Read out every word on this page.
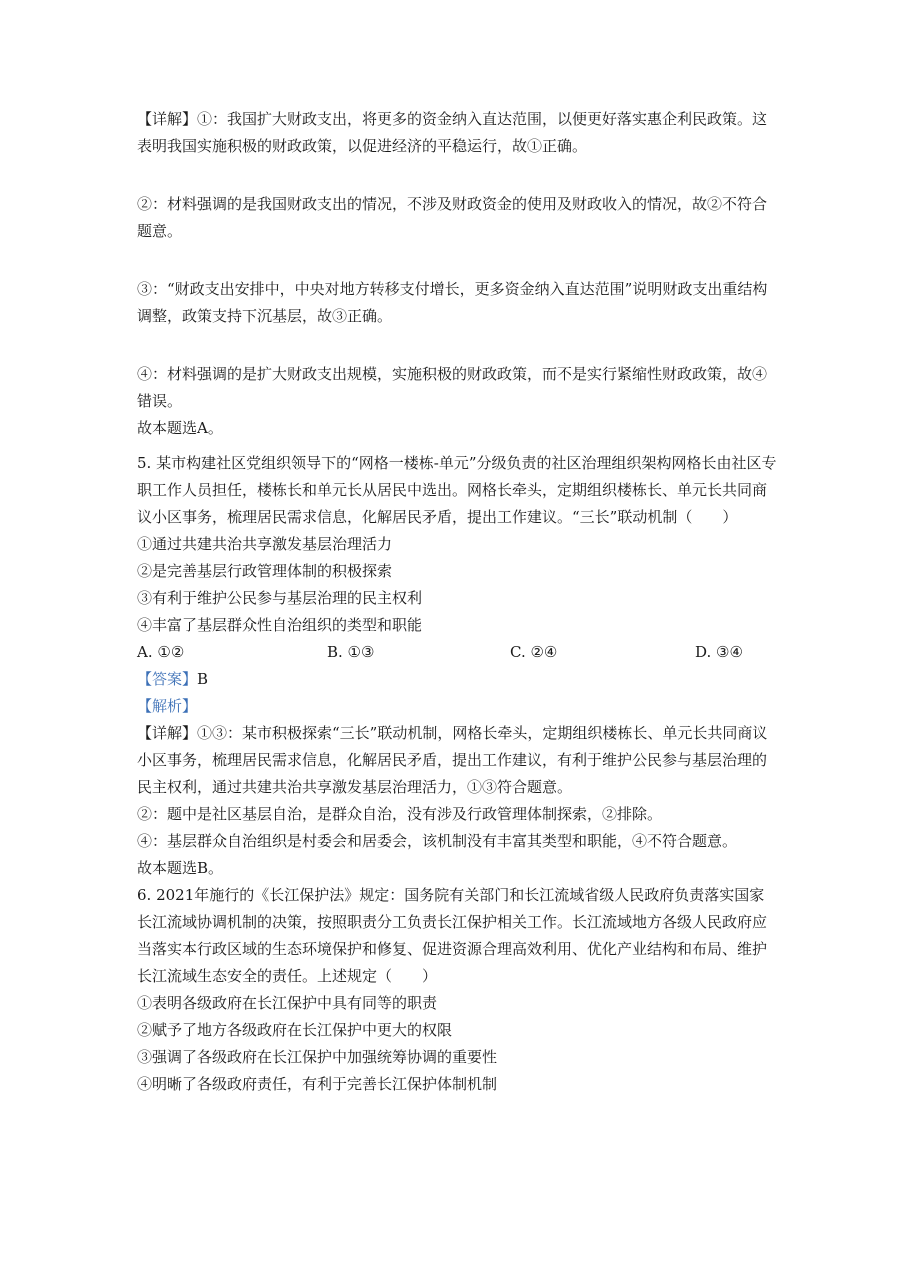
【详解】①：我国扩大财政支出，将更多的资金纳入直达范围，以便更好落实惠企利民政策。这表明我国实施积极的财政政策，以促进经济的平稳运行，故①正确。

②：材料强调的是我国财政支出的情况，不涉及财政资金的使用及财政收入的情况，故②不符合题意。

③：“财政支出安排中，中央对地方转移支付增长，更多资金纳入直达范围”说明财政支出重结构调整，政策支持下沉基层，故③正确。

④：材料强调的是扩大财政支出规模，实施积极的财政政策，而不是实行紧缩性财政政策，故④错误。

故本题选A。

5. 某市构建社区党组织领导下的“网格一楼栋-单元”分级负责的社区治理组织架构网格长由社区专职工作人员担任，楼栋长和单元长从居民中选出。网格长牵头，定期组织楼栋长、单元长共同商议小区事务，梳理居民需求信息，化解居民矛盾，提出工作建议。“三长”联动机制（　　）

①通过共建共治共享激发基层治理活力

②是完善基层行政管理体制的积极探索

③有利于维护公民参与基层治理的民主权利

④丰富了基层群众性自治组织的类型和职能

A. ①②	B. ①③	C. ②④	D. ③④

【答案】B

【解析】

【详解】①③：某市积极探索“三长”联动机制，网格长牵头，定期组织楼栋长、单元长共同商议小区事务，梳理居民需求信息，化解居民矛盾，提出工作建议，有利于维护公民参与基层治理的民主权利，通过共建共治共享激发基层治理活力，①③符合题意。

②：题中是社区基层自治，是群众自治，没有涉及行政管理体制探索，②排除。

④：基层群众自治组织是村委会和居委会，该机制没有丰富其类型和职能，④不符合题意。

故本题选B。

6. 2021年施行的《长江保护法》规定：国务院有关部门和长江流域省级人民政府负责落实国家长江流域协调机制的决策，按照职责分工负责长江保护相关工作。长江流域地方各级人民政府应当落实本行政区域的生态环境保护和修复、促进资源合理高效利用、优化产业结构和布局、维护长江流域生态安全的责任。上述规定（　　）

①表明各级政府在长江保护中具有同等的职责

②赋予了地方各级政府在长江保护中更大的权限

③强调了各级政府在长江保护中加强统筹协调的重要性

④明晰了各级政府责任，有利于完善长江保护体制机制
